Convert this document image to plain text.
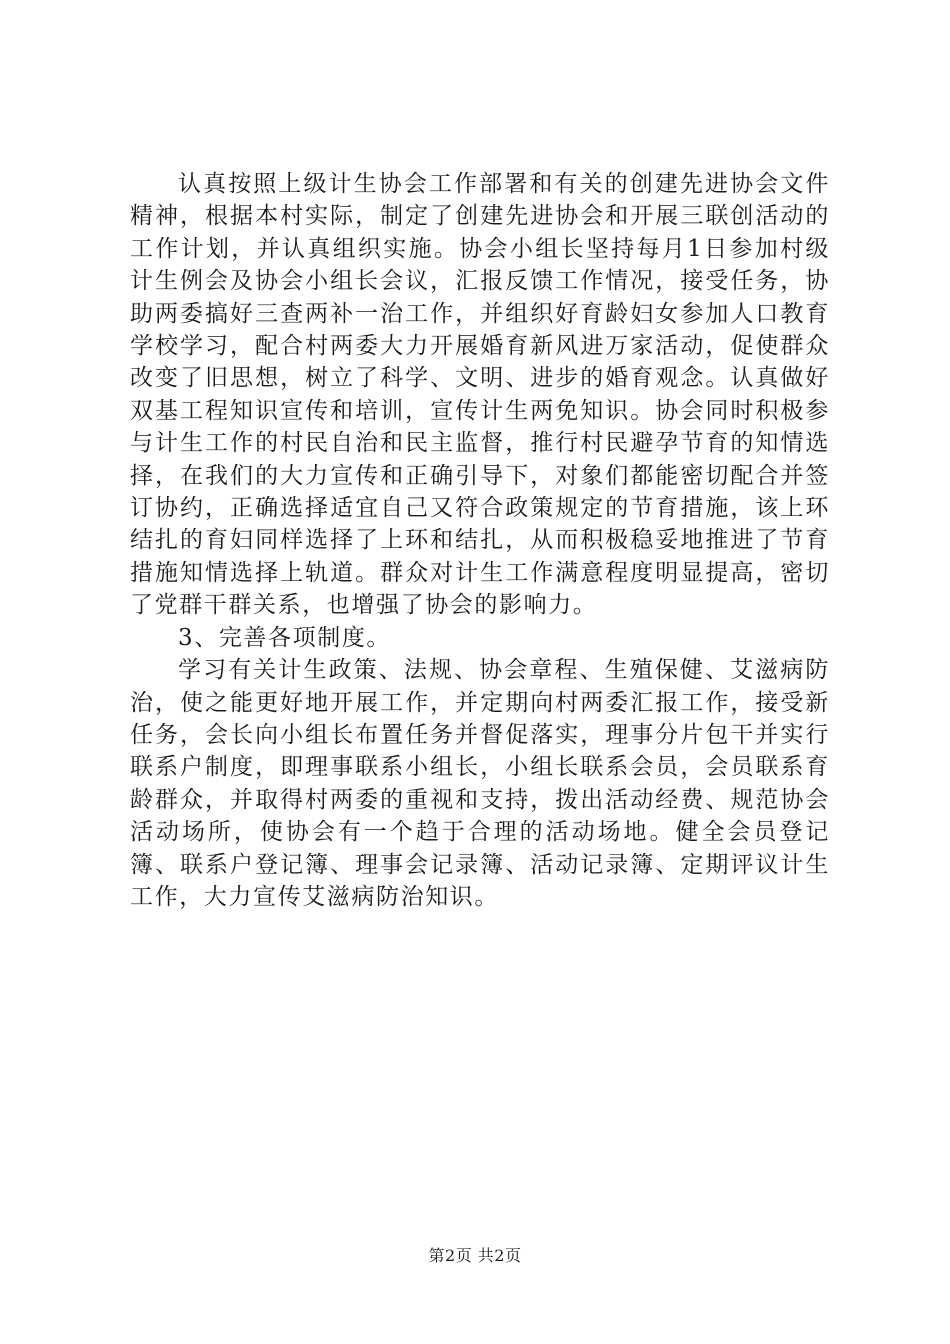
认真按照上级计生协会工作部署和有关的创建先进协会文件精神，根据本村实际，制定了创建先进协会和开展三联创活动的工作计划，并认真组织实施。协会小组长坚持每月1日参加村级计生例会及协会小组长会议，汇报反馈工作情况，接受任务，协助两委搞好三查两补一治工作，并组织好育龄妇女参加人口教育学校学习，配合村两委大力开展婚育新风进万家活动，促使群众改变了旧思想，树立了科学、文明、进步的婚育观念。认真做好双基工程知识宣传和培训，宣传计生两免知识。协会同时积极参与计生工作的村民自治和民主监督，推行村民避孕节育的知情选择，在我们的大力宣传和正确引导下，对象们都能密切配合并签订协约，正确选择适宜自己又符合政策规定的节育措施，该上环结扎的育妇同样选择了上环和结扎，从而积极稳妥地推进了节育措施知情选择上轨道。群众对计生工作满意程度明显提高，密切了党群干群关系，也增强了协会的影响力。

3、完善各项制度。

学习有关计生政策、法规、协会章程、生殖保健、艾滋病防治，使之能更好地开展工作，并定期向村两委汇报工作，接受新任务，会长向小组长布置任务并督促落实，理事分片包干并实行联系户制度，即理事联系小组长，小组长联系会员，会员联系育龄群众，并取得村两委的重视和支持，拨出活动经费、规范协会活动场所，使协会有一个趋于合理的活动场地。健全会员登记簿、联系户登记簿、理事会记录簿、活动记录簿、定期评议计生工作，大力宣传艾滋病防治知识。

第2页 共2页
